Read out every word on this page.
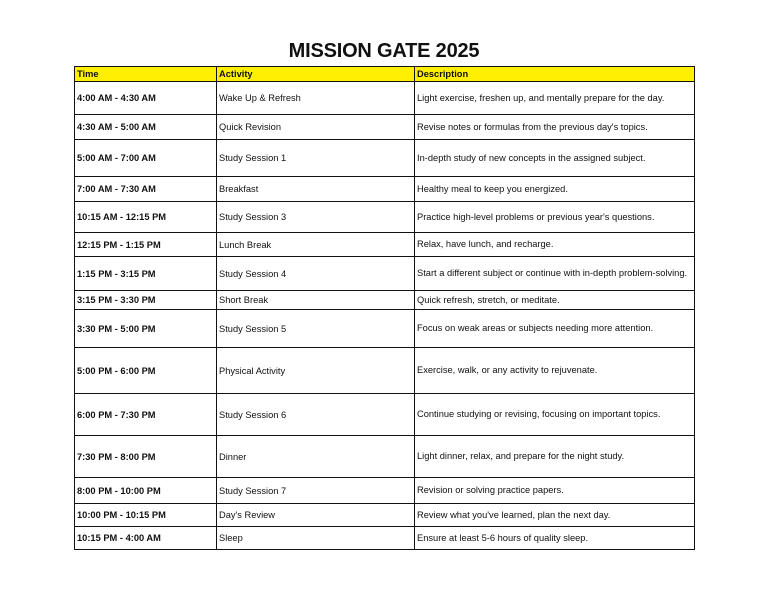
MISSION GATE 2025
Time	Activity	Description
4:00 AM - 4:30 AM	Wake Up & Refresh	Light exercise, freshen up, and mentally prepare for the day.
4:30 AM - 5:00 AM	Quick Revision	Revise notes or formulas from the previous day's topics.
5:00 AM - 7:00 AM	Study Session 1	In-depth study of new concepts in the assigned subject.
7:00 AM - 7:30 AM	Breakfast	Healthy meal to keep you energized.
10:15 AM - 12:15 PM	Study Session 3	Practice high-level problems or previous year's questions.
12:15 PM - 1:15 PM	Lunch Break	Relax, have lunch, and recharge.
1:15 PM - 3:15 PM	Study Session 4	Start a different subject or continue with in-depth problem-solving.
3:15 PM - 3:30 PM	Short Break	Quick refresh, stretch, or meditate.
3:30 PM - 5:00 PM	Study Session 5	Focus on weak areas or subjects needing more attention.
5:00 PM - 6:00 PM	Physical Activity	Exercise, walk, or any activity to rejuvenate.
6:00 PM - 7:30 PM	Study Session 6	Continue studying or revising, focusing on important topics.
7:30 PM - 8:00 PM	Dinner	Light dinner, relax, and prepare for the night study.
8:00 PM - 10:00 PM	Study Session 7	Revision or solving practice papers.
10:00 PM - 10:15 PM	Day's Review	Review what you've learned, plan the next day.
10:15 PM - 4:00 AM	Sleep	Ensure at least 5-6 hours of quality sleep.
